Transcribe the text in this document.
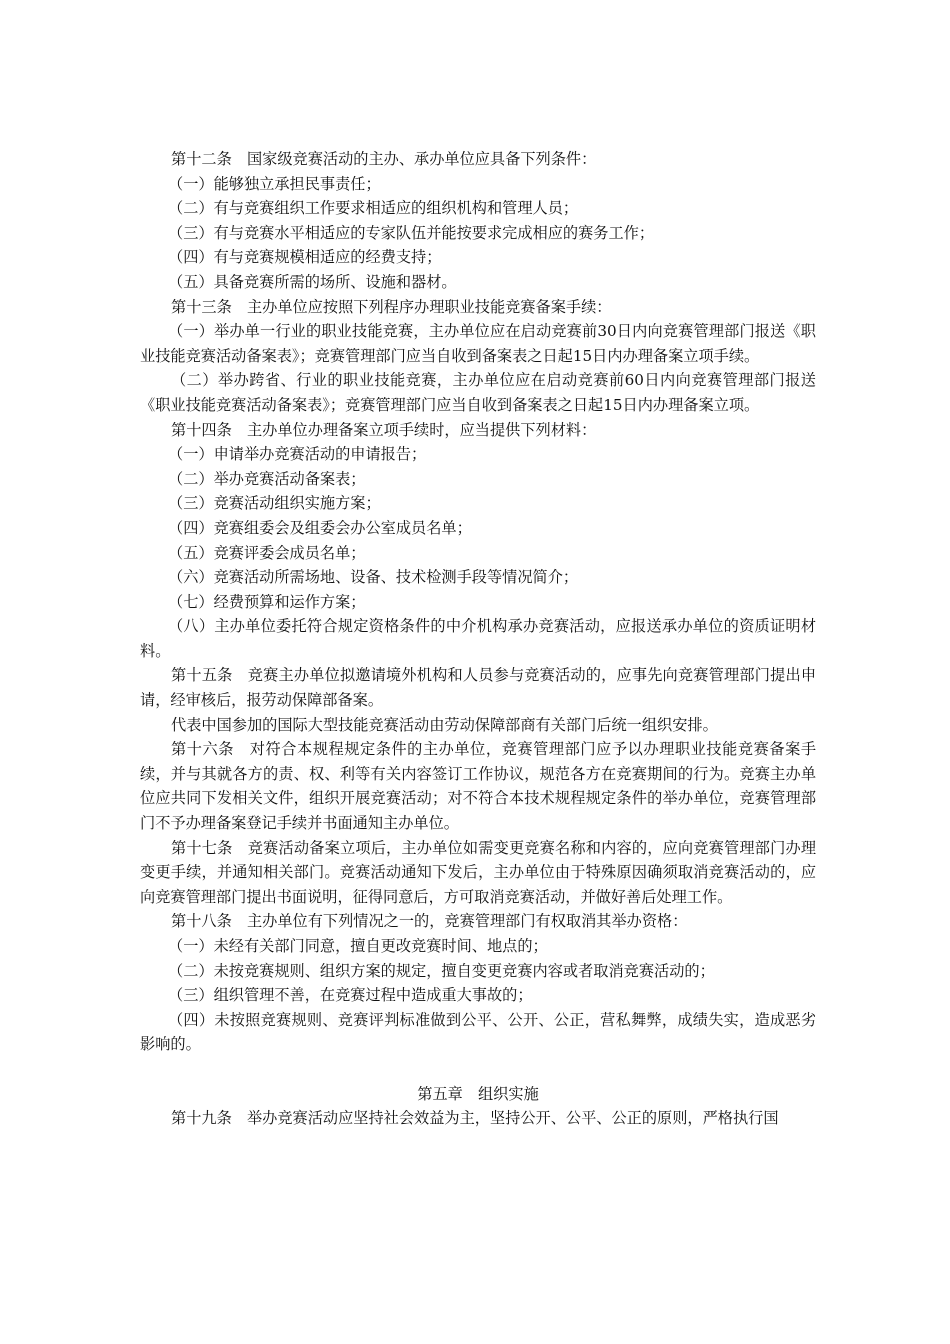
第十二条　国家级竞赛活动的主办、承办单位应具备下列条件：

（一）能够独立承担民事责任；

（二）有与竞赛组织工作要求相适应的组织机构和管理人员；

（三）有与竞赛水平相适应的专家队伍并能按要求完成相应的赛务工作；

（四）有与竞赛规模相适应的经费支持；

（五）具备竞赛所需的场所、设施和器材。

第十三条　主办单位应按照下列程序办理职业技能竞赛备案手续：

（一）举办单一行业的职业技能竞赛，主办单位应在启动竞赛前30日内向竞赛管理部门报送《职业技能竞赛活动备案表》；竞赛管理部门应当自收到备案表之日起15日内办理备案立项手续。

（二）举办跨省、行业的职业技能竞赛，主办单位应在启动竞赛前60日内向竞赛管理部门报送《职业技能竞赛活动备案表》；竞赛管理部门应当自收到备案表之日起15日内办理备案立项。

第十四条　主办单位办理备案立项手续时，应当提供下列材料：

（一）申请举办竞赛活动的申请报告；

（二）举办竞赛活动备案表；

（三）竞赛活动组织实施方案；

（四）竞赛组委会及组委会办公室成员名单；

（五）竞赛评委会成员名单；

（六）竞赛活动所需场地、设备、技术检测手段等情况简介；

（七）经费预算和运作方案；

（八）主办单位委托符合规定资格条件的中介机构承办竞赛活动，应报送承办单位的资质证明材料。

第十五条　竞赛主办单位拟邀请境外机构和人员参与竞赛活动的，应事先向竞赛管理部门提出申请，经审核后，报劳动保障部备案。

代表中国参加的国际大型技能竞赛活动由劳动保障部商有关部门后统一组织安排。

第十六条　对符合本规程规定条件的主办单位，竞赛管理部门应予以办理职业技能竞赛备案手续，并与其就各方的责、权、利等有关内容签订工作协议，规范各方在竞赛期间的行为。竞赛主办单位应共同下发相关文件，组织开展竞赛活动；对不符合本技术规程规定条件的举办单位，竞赛管理部门不予办理备案登记手续并书面通知主办单位。

第十七条　竞赛活动备案立项后，主办单位如需变更竞赛名称和内容的，应向竞赛管理部门办理变更手续，并通知相关部门。竞赛活动通知下发后，主办单位由于特殊原因确须取消竞赛活动的，应向竞赛管理部门提出书面说明，征得同意后，方可取消竞赛活动，并做好善后处理工作。

第十八条　主办单位有下列情况之一的，竞赛管理部门有权取消其举办资格：

（一）未经有关部门同意，擅自更改竞赛时间、地点的；

（二）未按竞赛规则、组织方案的规定，擅自变更竞赛内容或者取消竞赛活动的；

（三）组织管理不善，在竞赛过程中造成重大事故的；

（四）未按照竞赛规则、竞赛评判标准做到公平、公开、公正，营私舞弊，成绩失实，造成恶劣影响的。

第五章　组织实施

第十九条　举办竞赛活动应坚持社会效益为主，坚持公开、公平、公正的原则，严格执行国
